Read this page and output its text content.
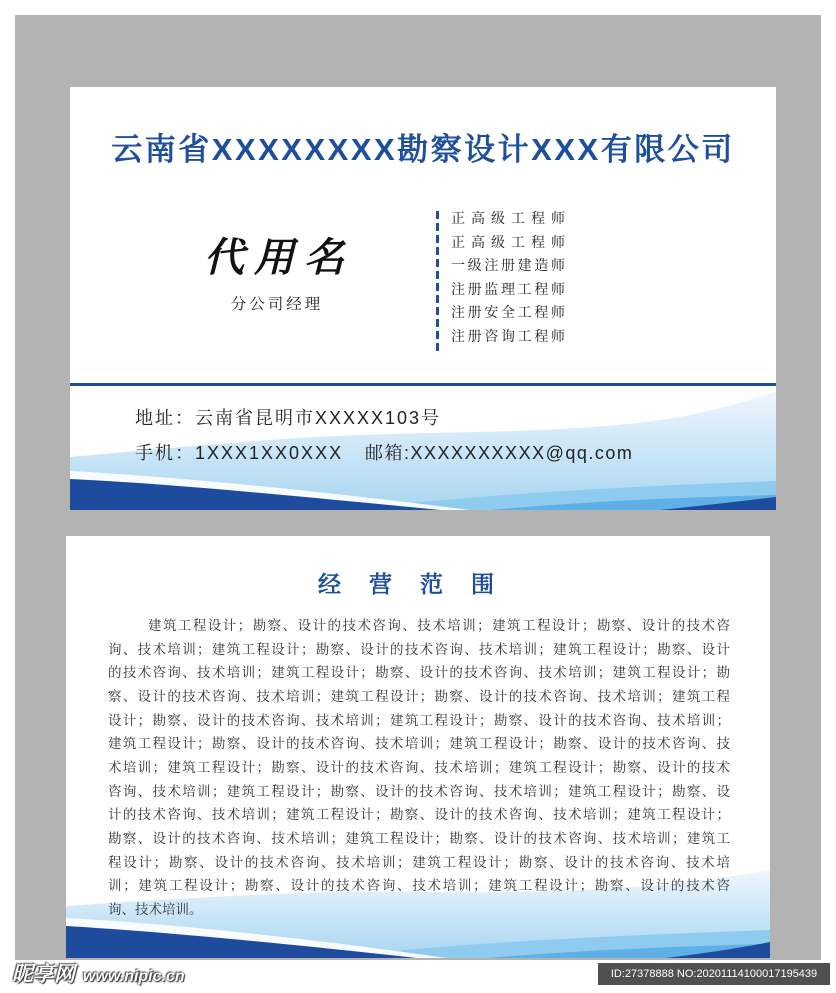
云南省XXXXXXXX勘察设计XXX有限公司
代用名
分公司经理
正高级工程师
正高级工程师
一级注册建造师
注册监理工程师
注册安全工程师
注册咨询工程师
地址：云南省昆明市XXXXX103号
手机：1XXX1XX0XXX 邮箱:XXXXXXXXXX@qq.com
经 营 范 围
建筑工程设计；勘察、设计的技术咨询、技术培训；建筑工程设计；勘察、设计的技术咨
询、技术培训；建筑工程设计；勘察、设计的技术咨询、技术培训；建筑工程设计；勘察、设计
的技术咨询、技术培训；建筑工程设计；勘察、设计的技术咨询、技术培训；建筑工程设计；勘
察、设计的技术咨询、技术培训；建筑工程设计；勘察、设计的技术咨询、技术培训；建筑工程
设计；勘察、设计的技术咨询、技术培训；建筑工程设计；勘察、设计的技术咨询、技术培训；
建筑工程设计；勘察、设计的技术咨询、技术培训；建筑工程设计；勘察、设计的技术咨询、技
术培训；建筑工程设计；勘察、设计的技术咨询、技术培训；建筑工程设计；勘察、设计的技术
咨询、技术培训；建筑工程设计；勘察、设计的技术咨询、技术培训；建筑工程设计；勘察、设
计的技术咨询、技术培训；建筑工程设计；勘察、设计的技术咨询、技术培训；建筑工程设计；
勘察、设计的技术咨询、技术培训；建筑工程设计；勘察、设计的技术咨询、技术培训；建筑工
程设计；勘察、设计的技术咨询、技术培训；建筑工程设计；勘察、设计的技术咨询、技术培
训；建筑工程设计；勘察、设计的技术咨询、技术培训；建筑工程设计；勘察、设计的技术咨
询、技术培训。
昵享网 www.nipic.cn	ID:27378888 NO:20201114100017195439
